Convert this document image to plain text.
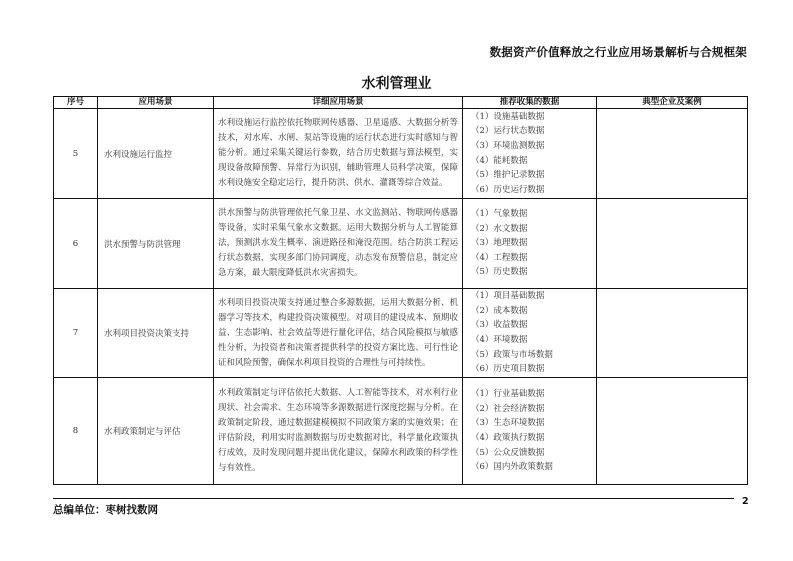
数据资产价值释放之行业应用场景解析与合规框架
水利管理业
序号	应用场景	详细应用场景	推荐收集的数据	典型企业及案例
5	水利设施运行监控	水利设施运行监控依托物联网传感器、卫星遥感、大数据分析等技术，对水库、水闸、泵站等设施的运行状态进行实时感知与智能分析。通过采集关键运行参数，结合历史数据与算法模型，实现设备故障预警、异常行为识别，辅助管理人员科学决策，保障水利设施安全稳定运行，提升防洪、供水、灌溉等综合效益。	
（1）设施基础数据
（2）运行状态数据
（3）环境监测数据
（4）能耗数据
（5）维护记录数据
（6）历史运行数据

6	洪水预警与防洪管理	洪水预警与防洪管理依托气象卫星、水文监测站、物联网传感器等设备，实时采集气象水文数据。运用大数据分析与人工智能算法，预测洪水发生概率、演进路径和淹没范围。结合防洪工程运行状态数据，实现多部门协同调度，动态发布预警信息，制定应急方案，最大限度降低洪水灾害损失。	
（1）气象数据
（2）水文数据
（3）地理数据
（4）工程数据
（5）历史数据

7	水利项目投资决策支持	水利项目投资决策支持通过整合多源数据，运用大数据分析、机器学习等技术，构建投资决策模型。对项目的建设成本、预期收益、生态影响、社会效益等进行量化评估，结合风险模拟与敏感性分析，为投资者和决策者提供科学的投资方案比选、可行性论证和风险预警，确保水利项目投资的合理性与可持续性。	
（1）项目基础数据
（2）成本数据
（3）收益数据
（4）环境数据
（5）政策与市场数据
（6）历史项目数据

8	水利政策制定与评估	水利政策制定与评估依托大数据、人工智能等技术，对水利行业现状、社会需求、生态环境等多源数据进行深度挖掘与分析。在政策制定阶段，通过数据建模模拟不同政策方案的实施效果；在评估阶段，利用实时监测数据与历史数据对比，科学量化政策执行成效，及时发现问题并提出优化建议，保障水利政策的科学性与有效性。	
（1）行业基础数据
（2）社会经济数据
（3）生态环境数据
（4）政策执行数据
（5）公众反馈数据
（6）国内外政策数据

总编单位：枣树找数网
2
